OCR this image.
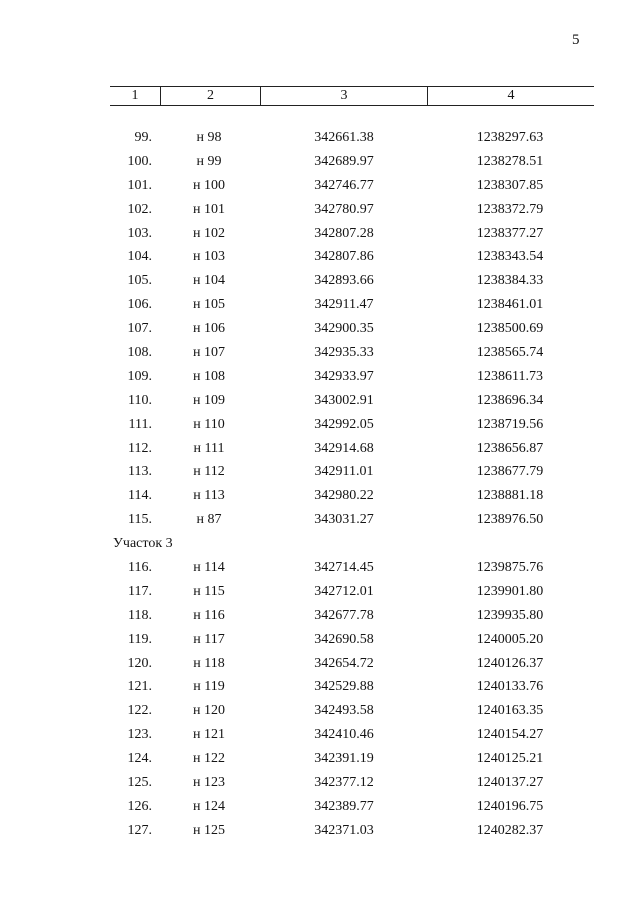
5
1	2	3	4
99.	н 98	342661.38	1238297.63
100.	н 99	342689.97	1238278.51
101.	н 100	342746.77	1238307.85
102.	н 101	342780.97	1238372.79
103.	н 102	342807.28	1238377.27
104.	н 103	342807.86	1238343.54
105.	н 104	342893.66	1238384.33
106.	н 105	342911.47	1238461.01
107.	н 106	342900.35	1238500.69
108.	н 107	342935.33	1238565.74
109.	н 108	342933.97	1238611.73
110.	н 109	343002.91	1238696.34
111.	н 110	342992.05	1238719.56
112.	н 111	342914.68	1238656.87
113.	н 112	342911.01	1238677.79
114.	н 113	342980.22	1238881.18
115.	н 87	343031.27	1238976.50
Участок 3
116.	н 114	342714.45	1239875.76
117.	н 115	342712.01	1239901.80
118.	н 116	342677.78	1239935.80
119.	н 117	342690.58	1240005.20
120.	н 118	342654.72	1240126.37
121.	н 119	342529.88	1240133.76
122.	н 120	342493.58	1240163.35
123.	н 121	342410.46	1240154.27
124.	н 122	342391.19	1240125.21
125.	н 123	342377.12	1240137.27
126.	н 124	342389.77	1240196.75
127.	н 125	342371.03	1240282.37
